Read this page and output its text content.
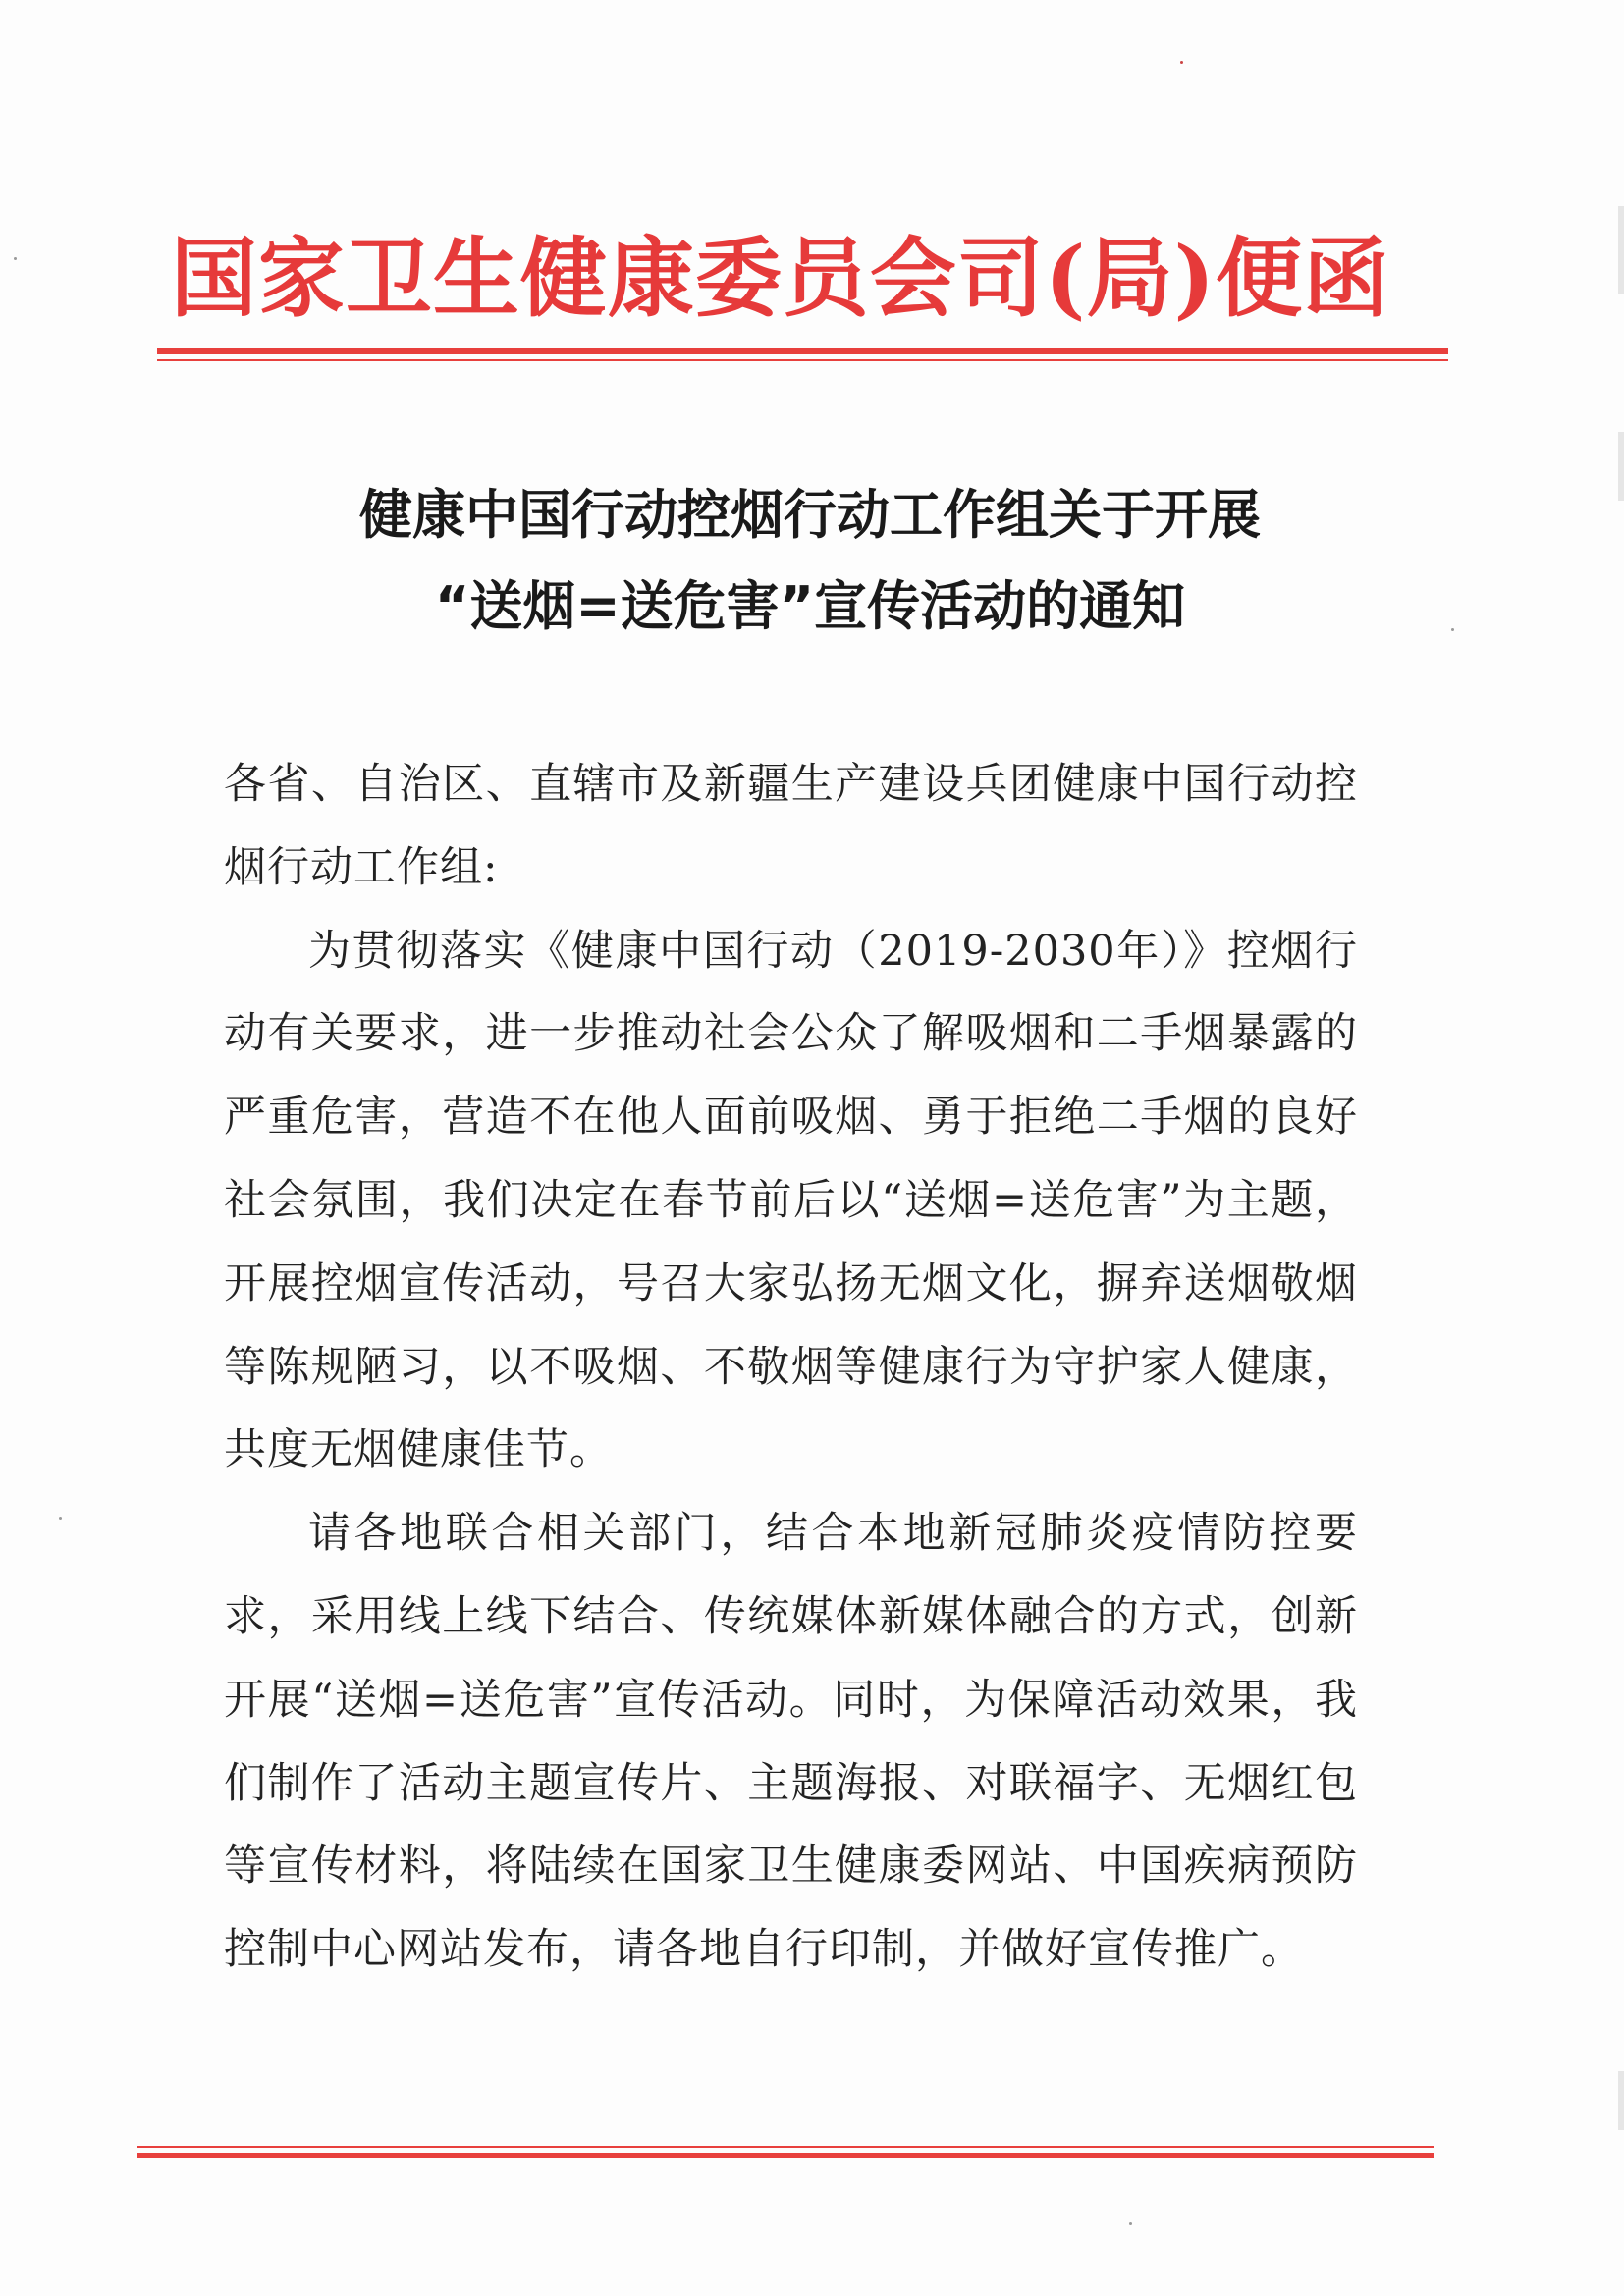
国家卫生健康委员会司(局)便函
健康中国行动控烟行动工作组关于开展
“送烟=送危害”宣传活动的通知

各省、自治区、直辖市及新疆生产建设兵团健康中国行动控烟行动工作组:

为贯彻落实《健康中国行动（2019-2030年）》控烟行动有关要求，进一步推动社会公众了解吸烟和二手烟暴露的严重危害，营造不在他人面前吸烟、勇于拒绝二手烟的良好社会氛围，我们决定在春节前后以“送烟=送危害”为主题，开展控烟宣传活动，号召大家弘扬无烟文化，摒弃送烟敬烟等陈规陋习，以不吸烟、不敬烟等健康行为守护家人健康，共度无烟健康佳节。

请各地联合相关部门，结合本地新冠肺炎疫情防控要求，采用线上线下结合、传统媒体新媒体融合的方式，创新开展“送烟=送危害”宣传活动。同时，为保障活动效果，我们制作了活动主题宣传片、主题海报、对联福字、无烟红包等宣传材料，将陆续在国家卫生健康委网站、中国疾病预防控制中心网站发布，请各地自行印制，并做好宣传推广。
